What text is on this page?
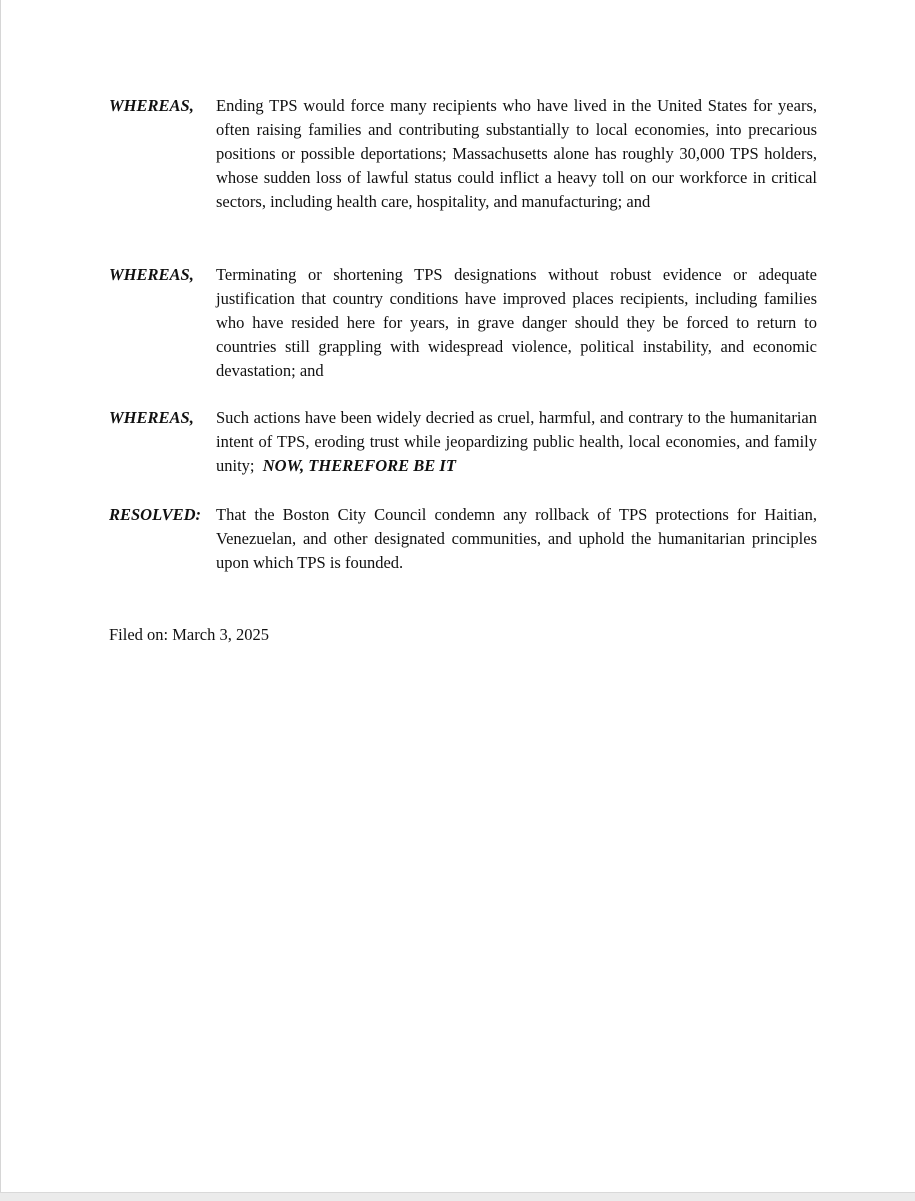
WHEREAS, Ending TPS would force many recipients who have lived in the United States for years, often raising families and contributing substantially to local economies, into precarious positions or possible deportations; Massachusetts alone has roughly 30,000 TPS holders, whose sudden loss of lawful status could inflict a heavy toll on our workforce in critical sectors, including health care, hospitality, and manufacturing; and
WHEREAS, Terminating or shortening TPS designations without robust evidence or adequate justification that country conditions have improved places recipients, including families who have resided here for years, in grave danger should they be forced to return to countries still grappling with widespread violence, political instability, and economic devastation; and
WHEREAS, Such actions have been widely decried as cruel, harmful, and contrary to the humanitarian intent of TPS, eroding trust while jeopardizing public health, local economies, and family unity; NOW, THEREFORE BE IT
RESOLVED: That the Boston City Council condemn any rollback of TPS protections for Haitian, Venezuelan, and other designated communities, and uphold the humanitarian principles upon which TPS is founded.
Filed on: March 3, 2025
